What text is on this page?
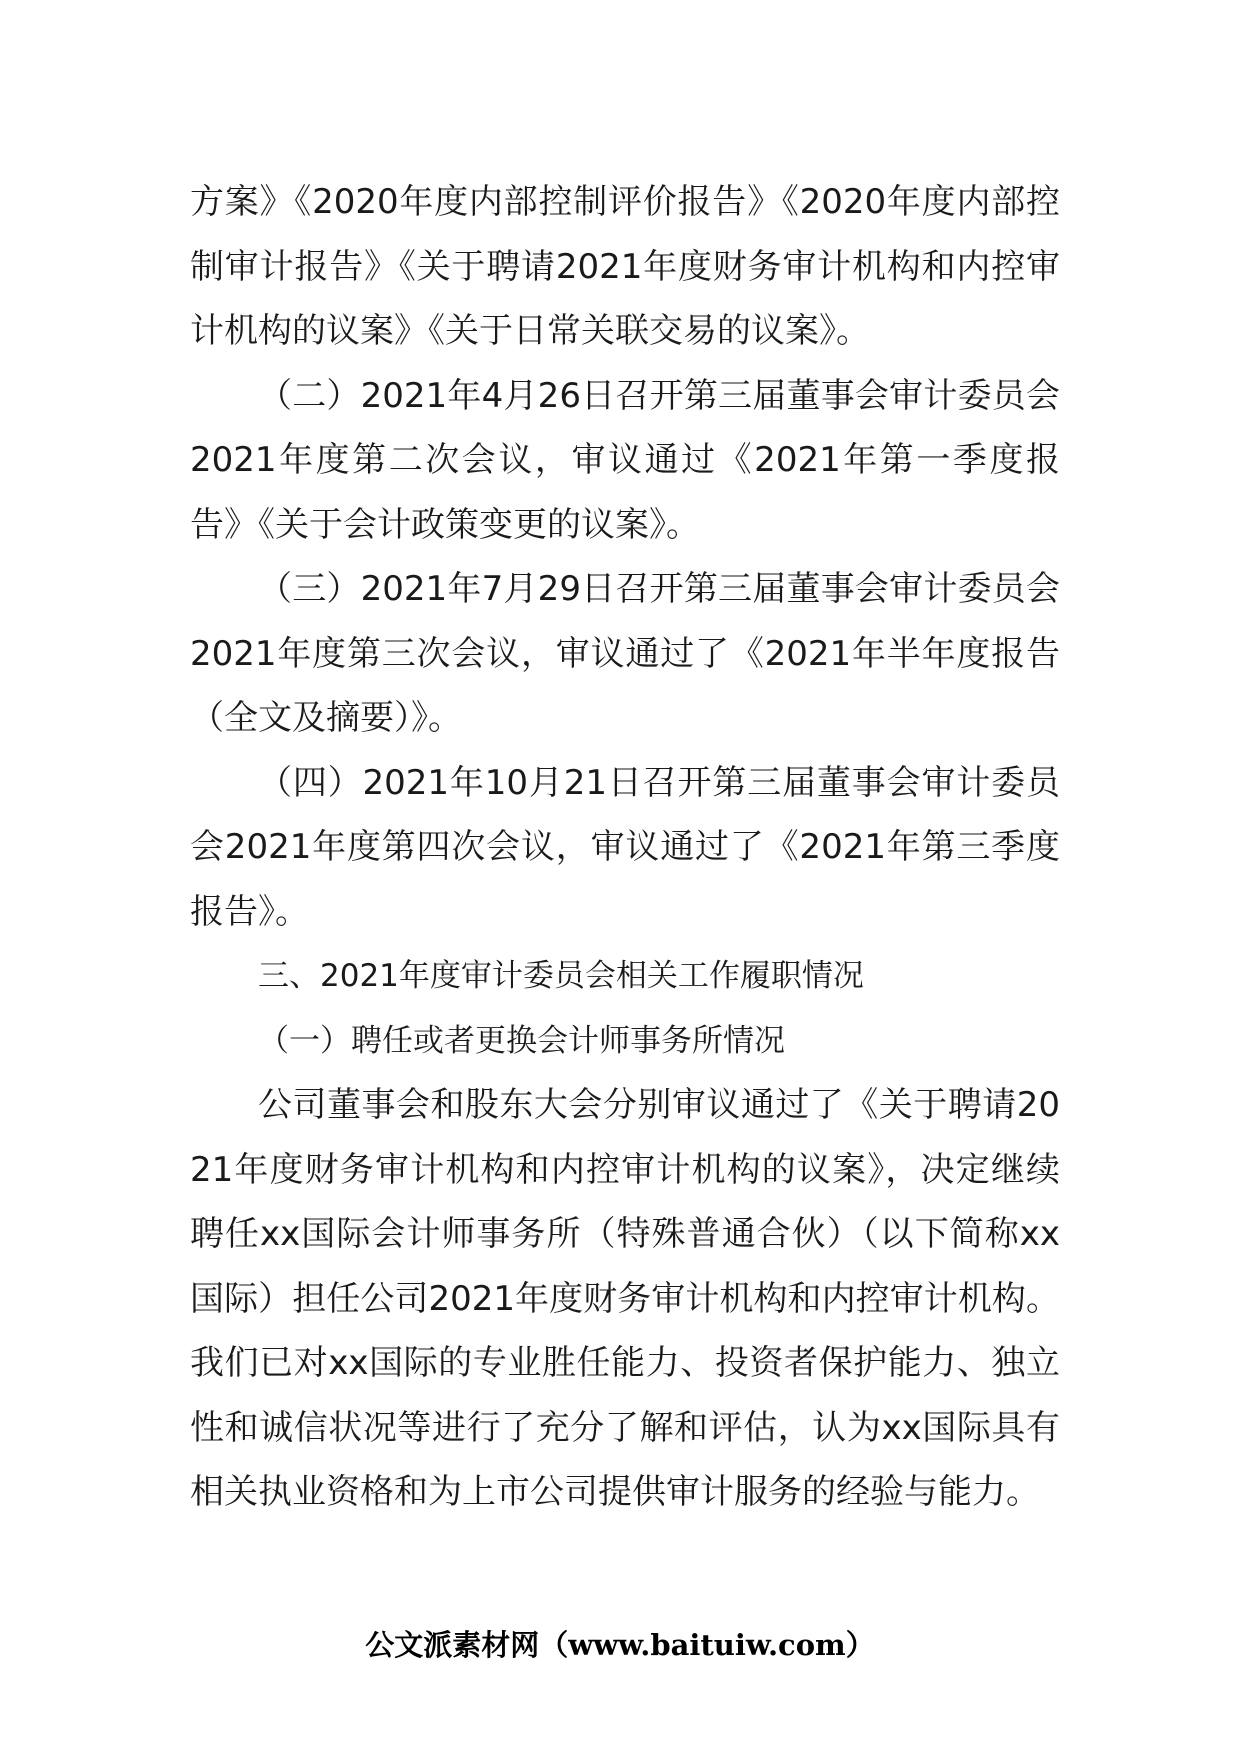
方案》《2020年度内部控制评价报告》《2020年度内部控制审计报告》《关于聘请2021年度财务审计机构和内控审计机构的议案》《关于日常关联交易的议案》。

（二）2021年4月26日召开第三届董事会审计委员会2021年度第二次会议，审议通过《2021年第一季度报告》《关于会计政策变更的议案》。

（三）2021年7月29日召开第三届董事会审计委员会2021年度第三次会议，审议通过了《2021年半年度报告（全文及摘要）》。

（四）2021年10月21日召开第三届董事会审计委员会2021年度第四次会议，审议通过了《2021年第三季度报告》。

三、2021年度审计委员会相关工作履职情况

（一）聘任或者更换会计师事务所情况

公司董事会和股东大会分别审议通过了《关于聘请2021年度财务审计机构和内控审计机构的议案》，决定继续聘任xx国际会计师事务所（特殊普通合伙）（以下简称xx国际）担任公司2021年度财务审计机构和内控审计机构。我们已对xx国际的专业胜任能力、投资者保护能力、独立性和诚信状况等进行了充分了解和评估，认为xx国际具有相关执业资格和为上市公司提供审计服务的经验与能力。

公文派素材网（www.baituiw.com）
